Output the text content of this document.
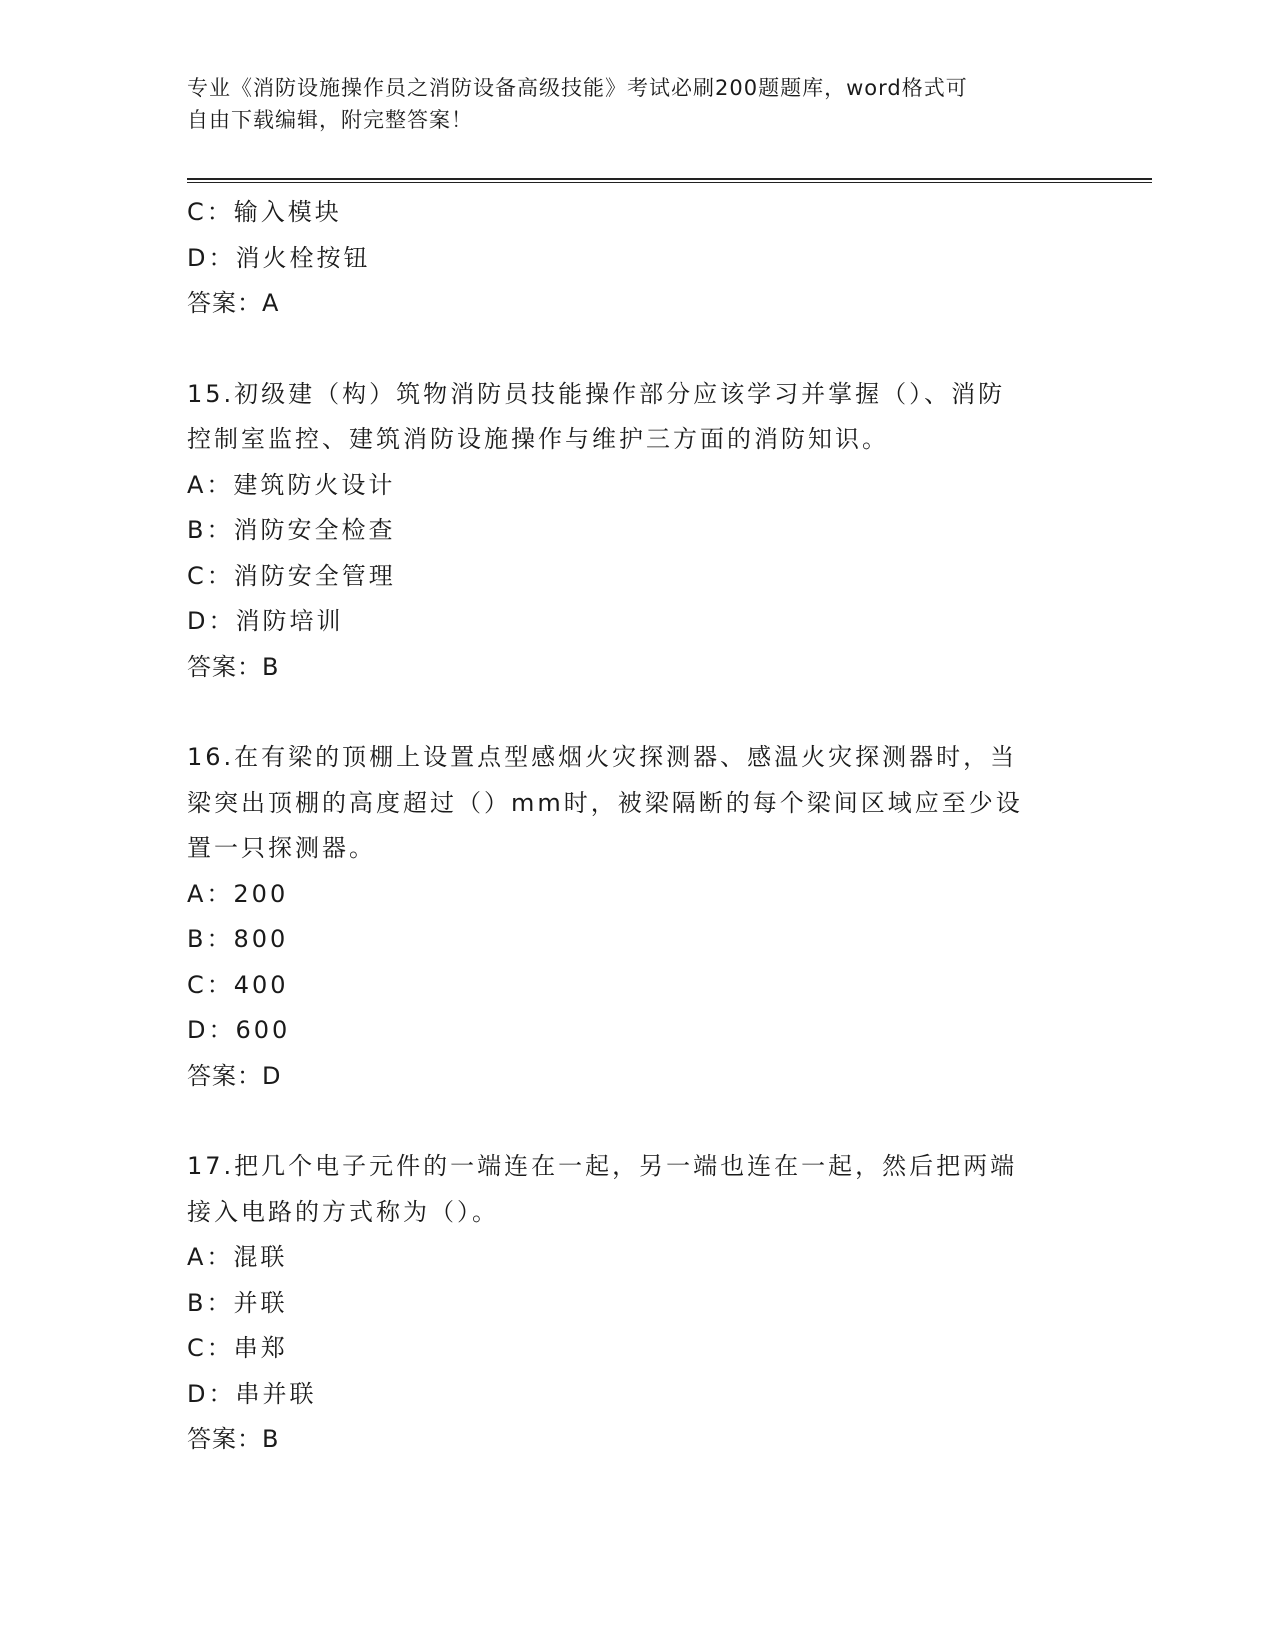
专业《消防设施操作员之消防设备高级技能》考试必刷200题题库，word格式可
自由下载编辑，附完整答案！
C：输入模块
D：消火栓按钮
答案：A
15.初级建（构）筑物消防员技能操作部分应该学习并掌握（）、消防
控制室监控、建筑消防设施操作与维护三方面的消防知识。
A：建筑防火设计
B：消防安全检查
C：消防安全管理
D：消防培训
答案：B
16.在有梁的顶棚上设置点型感烟火灾探测器、感温火灾探测器时，当
梁突出顶棚的高度超过（）mm时，被梁隔断的每个梁间区域应至少设
置一只探测器。
A：200
B：800
C：400
D：600
答案：D
17.把几个电子元件的一端连在一起，另一端也连在一起，然后把两端
接入电路的方式称为（）。
A：混联
B：并联
C：串郑
D：串并联
答案：B
